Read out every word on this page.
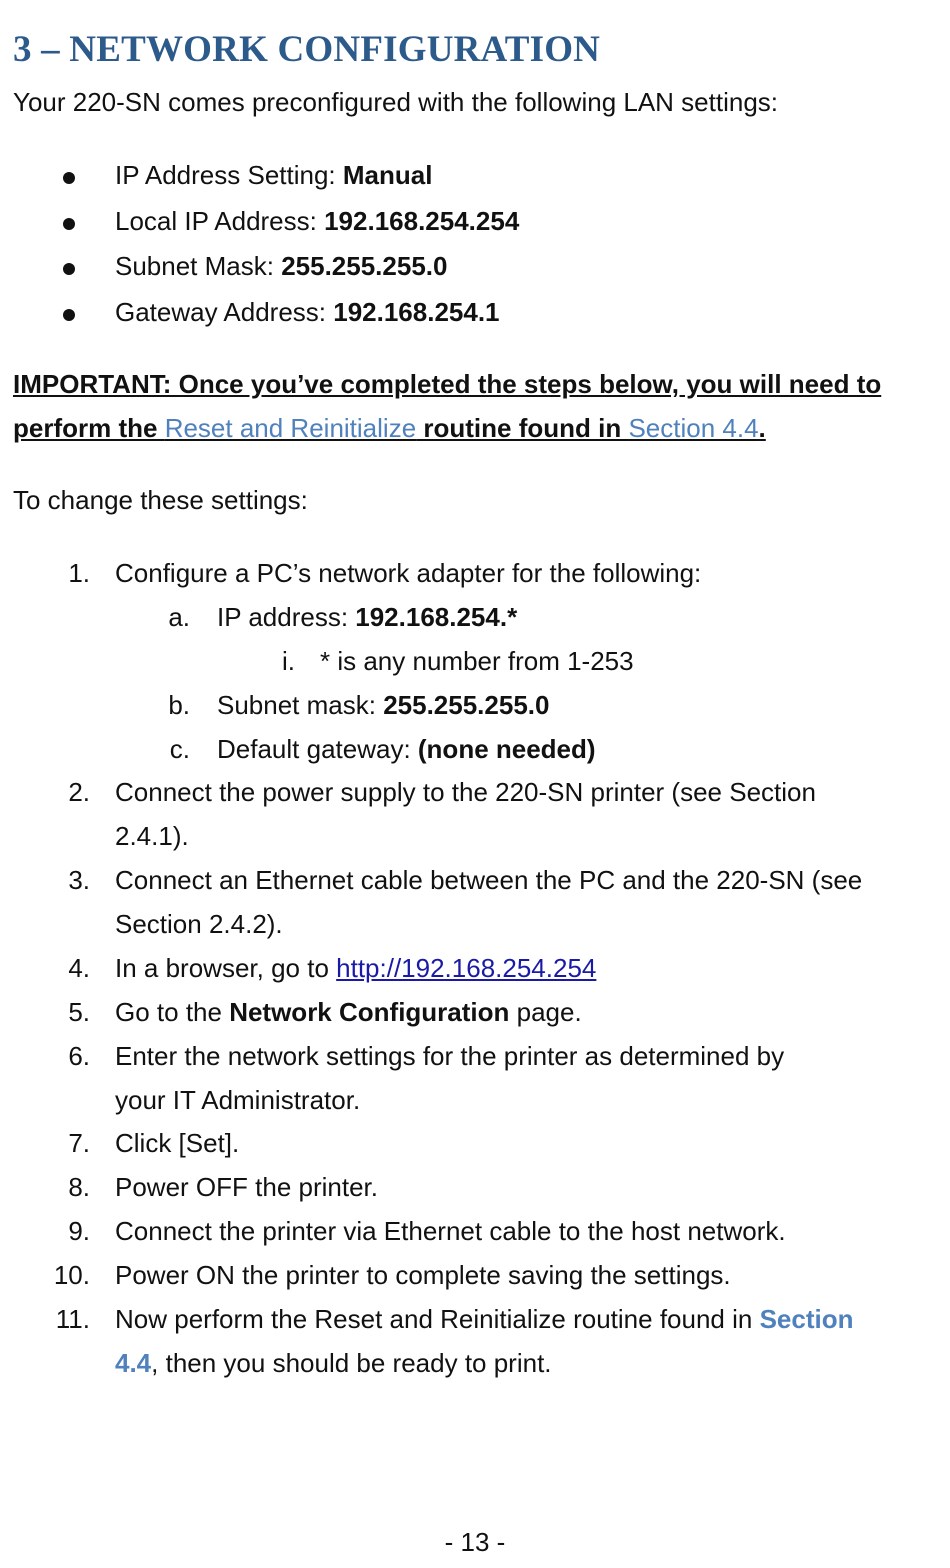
3 – NETWORK CONFIGURATION
Your 220-SN comes preconfigured with the following LAN settings:
IP Address Setting: Manual
Local IP Address: 192.168.254.254
Subnet Mask: 255.255.255.0
Gateway Address: 192.168.254.1
IMPORTANT: Once you’ve completed the steps below, you will need to
perform the Reset and Reinitialize routine found in Section 4.4.
To change these settings:
1. Configure a PC’s network adapter for the following:
a. IP address: 192.168.254.*
i. * is any number from 1-253
b. Subnet mask: 255.255.255.0
c. Default gateway: (none needed)
2. Connect the power supply to the 220-SN printer (see Section
2.4.1).
3. Connect an Ethernet cable between the PC and the 220-SN (see
Section 2.4.2).
4. In a browser, go to http://192.168.254.254
5. Go to the Network Configuration page.
6. Enter the network settings for the printer as determined by
your IT Administrator.
7. Click [Set].
8. Power OFF the printer.
9. Connect the printer via Ethernet cable to the host network.
10. Power ON the printer to complete saving the settings.
11. Now perform the Reset and Reinitialize routine found in Section
4.4, then you should be ready to print.
- 13 -
